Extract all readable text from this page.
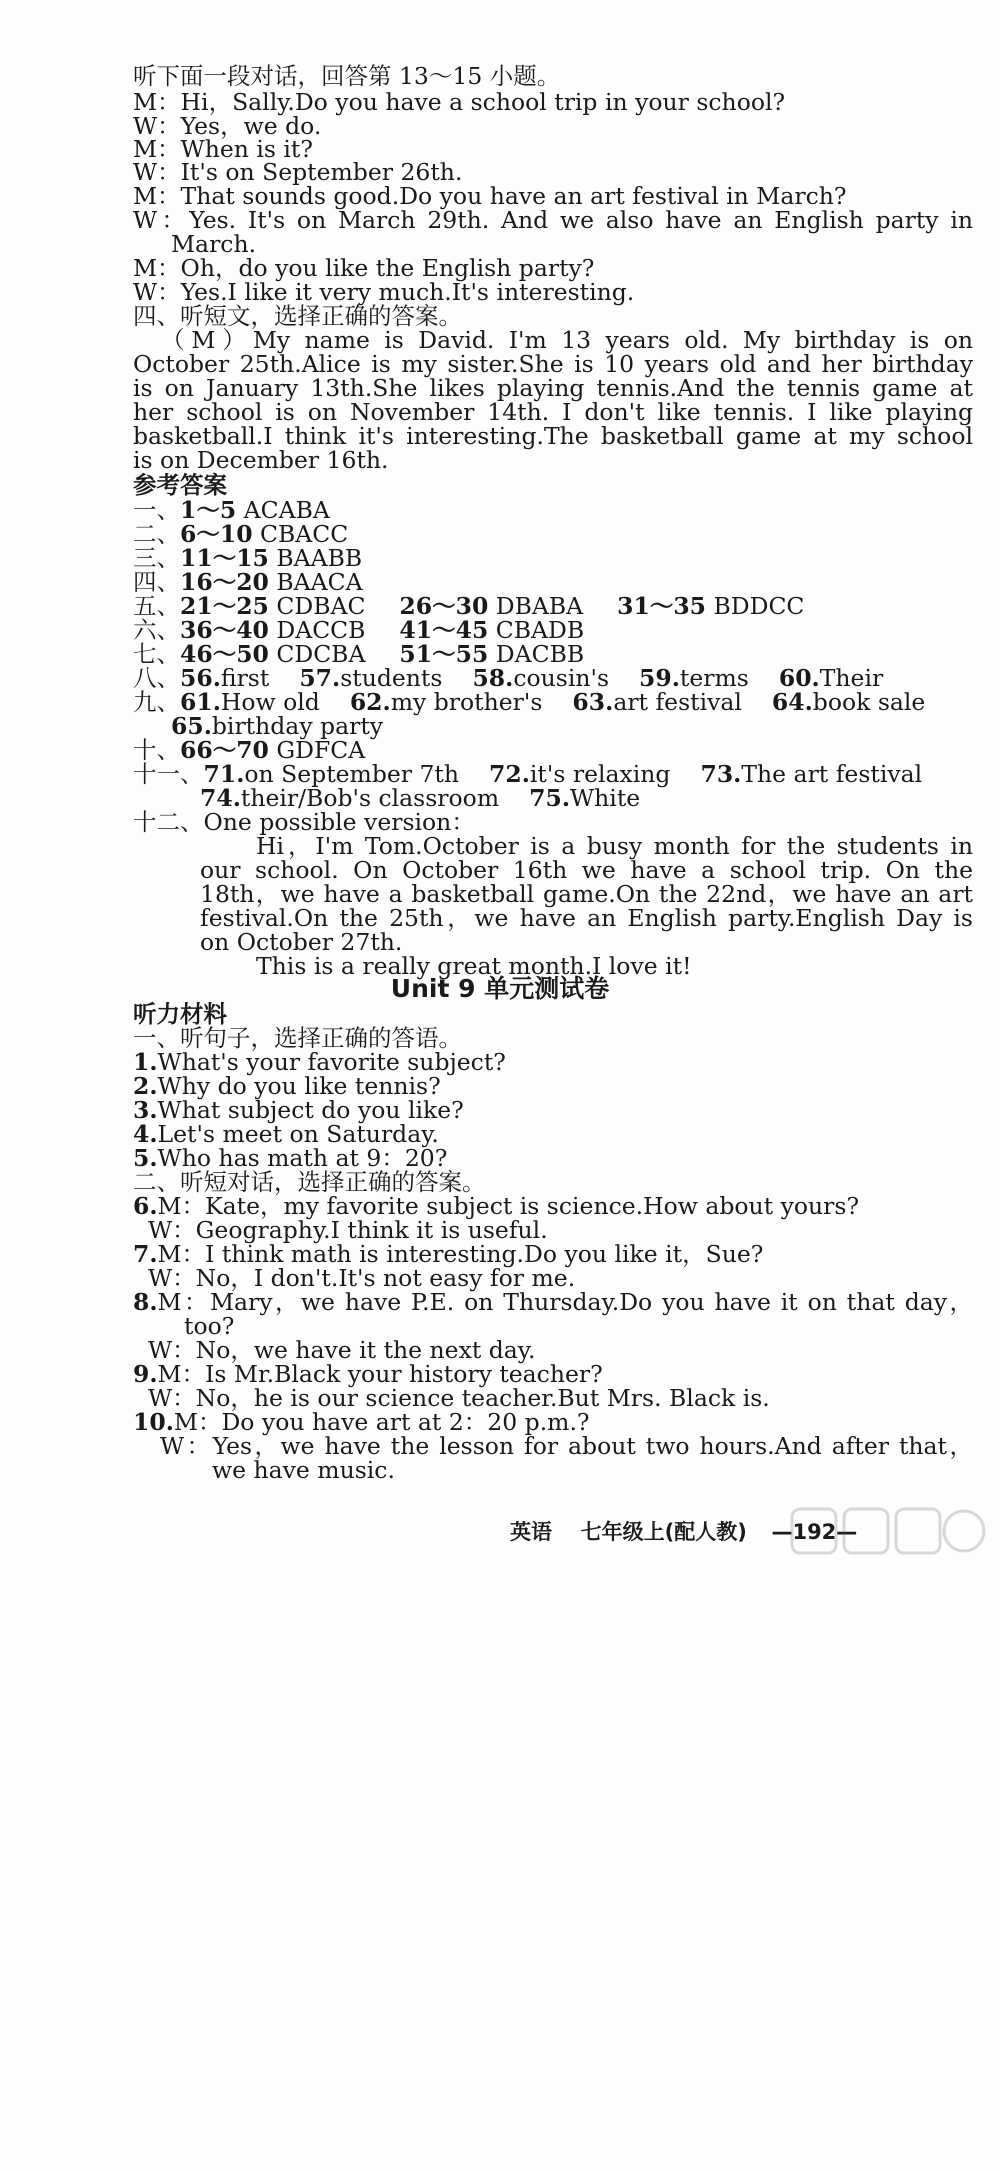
听下面一段对话，回答第 13～15 小题。
M：Hi，Sally.Do you have a school trip in your school?
W：Yes，we do.
M：When is it?
W：It's on September 26th.
M：That sounds good.Do you have an art festival in March?
W：Yes. It's on March 29th. And we also have an English party in
March.
M：Oh，do you like the English party?
W：Yes.I like it very much.It's interesting.
四、听短文，选择正确的答案。
（M）My name is David. I'm 13 years old. My birthday is on
October 25th.Alice is my sister.She is 10 years old and her birthday
is on January 13th.She likes playing tennis.And the tennis game at
her school is on November 14th. I don't like tennis. I like playing
basketball.I think it's interesting.The basketball game at my school
is on December 16th.
参考答案
一、1～5 ACABA
二、6～10 CBACC
三、11～15 BAABB
四、16～20 BAACA
五、21～25 CDBAC 26～30 DBABA 31～35 BDDCC
六、36～40 DACCB 41～45 CBADB
七、46～50 CDCBA 51～55 DACBB
八、56.first 57.students 58.cousin's 59.terms 60.Their
九、61.How old 62.my brother's 63.art festival 64.book sale
65.birthday party
十、66～70 GDFCA
十一、71.on September 7th 72.it's relaxing 73.The art festival
74.their/Bob's classroom 75.White
十二、One possible version：
Hi，I'm Tom.October is a busy month for the students in
our school. On October 16th we have a school trip. On the
18th，we have a basketball game.On the 22nd，we have an art
festival.On the 25th，we have an English party.English Day is
on October 27th.
This is a really great month.I love it!
Unit 9 单元测试卷
听力材料
一、听句子，选择正确的答语。
1.What's your favorite subject?
2.Why do you like tennis?
3.What subject do you like?
4.Let's meet on Saturday.
5.Who has math at 9：20?
二、听短对话，选择正确的答案。
6.M：Kate，my favorite subject is science.How about yours?
W：Geography.I think it is useful.
7.M：I think math is interesting.Do you like it，Sue?
W：No，I don't.It's not easy for me.
8.M：Mary，we have P.E. on Thursday.Do you have it on that day，
too?
W：No，we have it the next day.
9.M：Is Mr.Black your history teacher?
W：No，he is our science teacher.But Mrs. Black is.
10.M：Do you have art at 2：20 p.m.?
W：Yes，we have the lesson for about two hours.And after that，
we have music.
英语 七年级上(配人教) —192—
